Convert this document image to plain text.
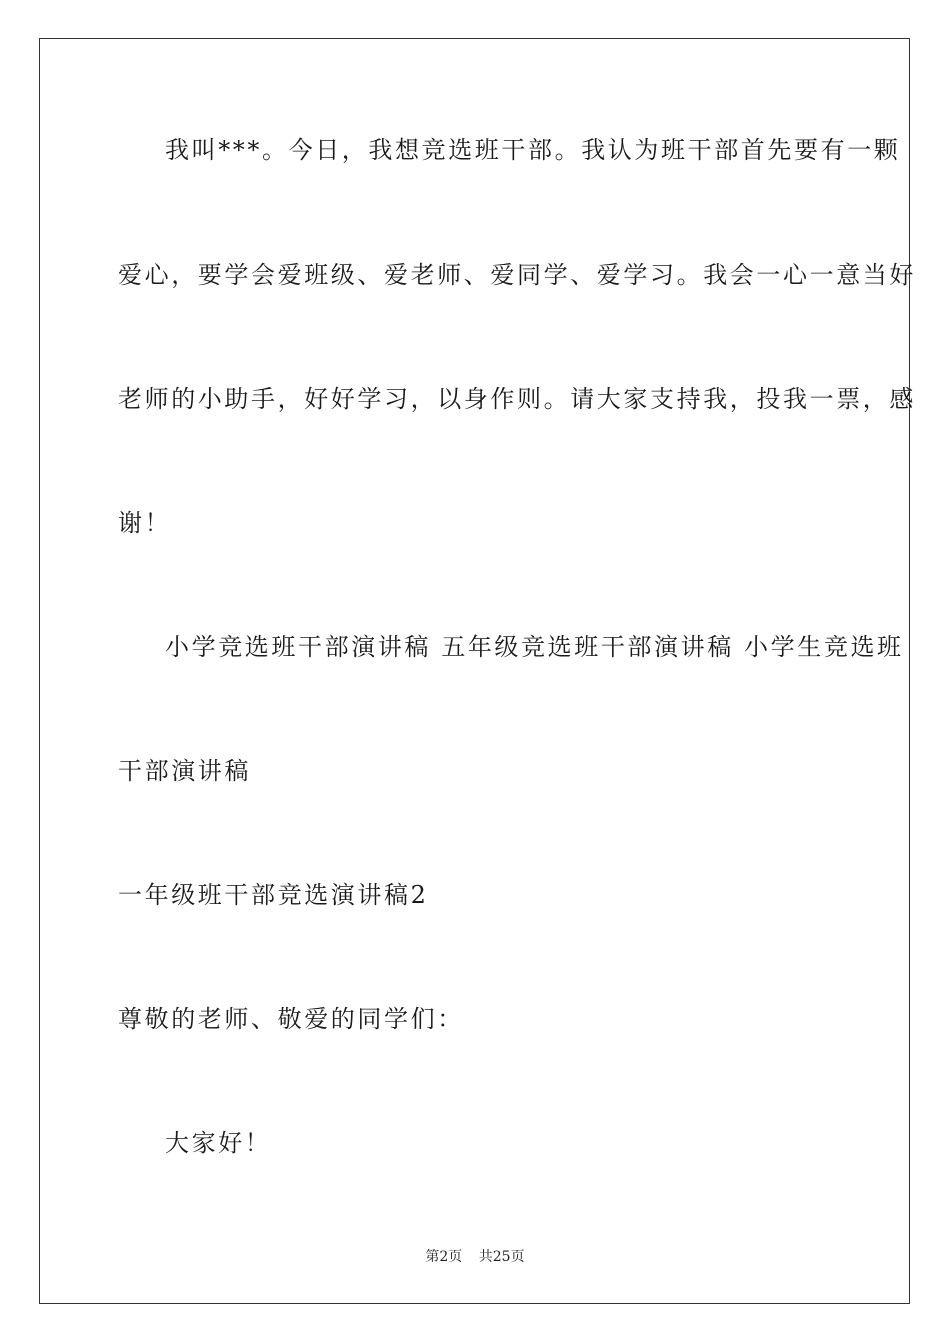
我叫***。今日，我想竞选班干部。我认为班干部首先要有一颗
爱心，要学会爱班级、爱老师、爱同学、爱学习。我会一心一意当好
老师的小助手，好好学习，以身作则。请大家支持我，投我一票，感
谢！
小学竞选班干部演讲稿 五年级竞选班干部演讲稿 小学生竞选班
干部演讲稿
一年级班干部竞选演讲稿2
尊敬的老师、敬爱的同学们：
大家好！
第2页 共25页
